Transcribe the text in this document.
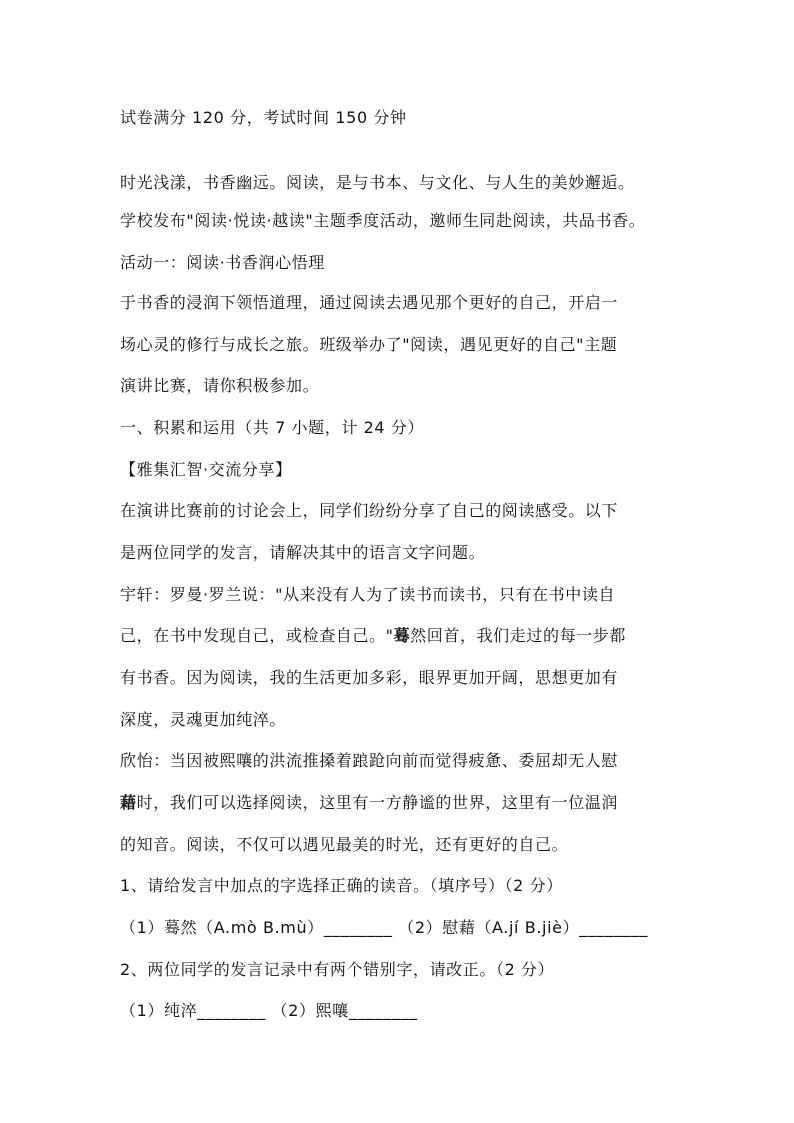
试卷满分 120 分，考试时间 150 分钟
时光浅漾，书香幽远。阅读，是与书本、与文化、与人生的美妙邂逅。
学校发布"阅读·悦读·越读"主题季度活动，邀师生同赴阅读，共品书香。
活动一：阅读·书香润心悟理
于书香的浸润下领悟道理，通过阅读去遇见那个更好的自己，开启一
场心灵的修行与成长之旅。班级举办了"阅读，遇见更好的自己"主题
演讲比赛，请你积极参加。
一、积累和运用（共 7 小题，计 24 分）
【雅集汇智·交流分享】
在演讲比赛前的讨论会上，同学们纷纷分享了自己的阅读感受。以下
是两位同学的发言，请解决其中的语言文字问题。
宇轩：罗曼·罗兰说："从来没有人为了读书而读书，只有在书中读自
己，在书中发现自己，或检查自己。"蓦然回首，我们走过的每一步都
有书香。因为阅读，我的生活更加多彩，眼界更加开阔，思想更加有
深度，灵魂更加纯淬。
欣怡：当因被熙嚷的洪流推搡着踉跄向前而觉得疲惫、委屈却无人慰
藉时，我们可以选择阅读，这里有一方静谧的世界，这里有一位温润
的知音。阅读，不仅可以遇见最美的时光，还有更好的自己。
1、请给发言中加点的字选择正确的读音。（填序号）（2 分）
（1）蓦然（A.mò B.mù）________ （2）慰藉（A.jí B.jiè）________
2、两位同学的发言记录中有两个错别字，请改正。（2 分）
（1）纯淬________ （2）熙嚷________
